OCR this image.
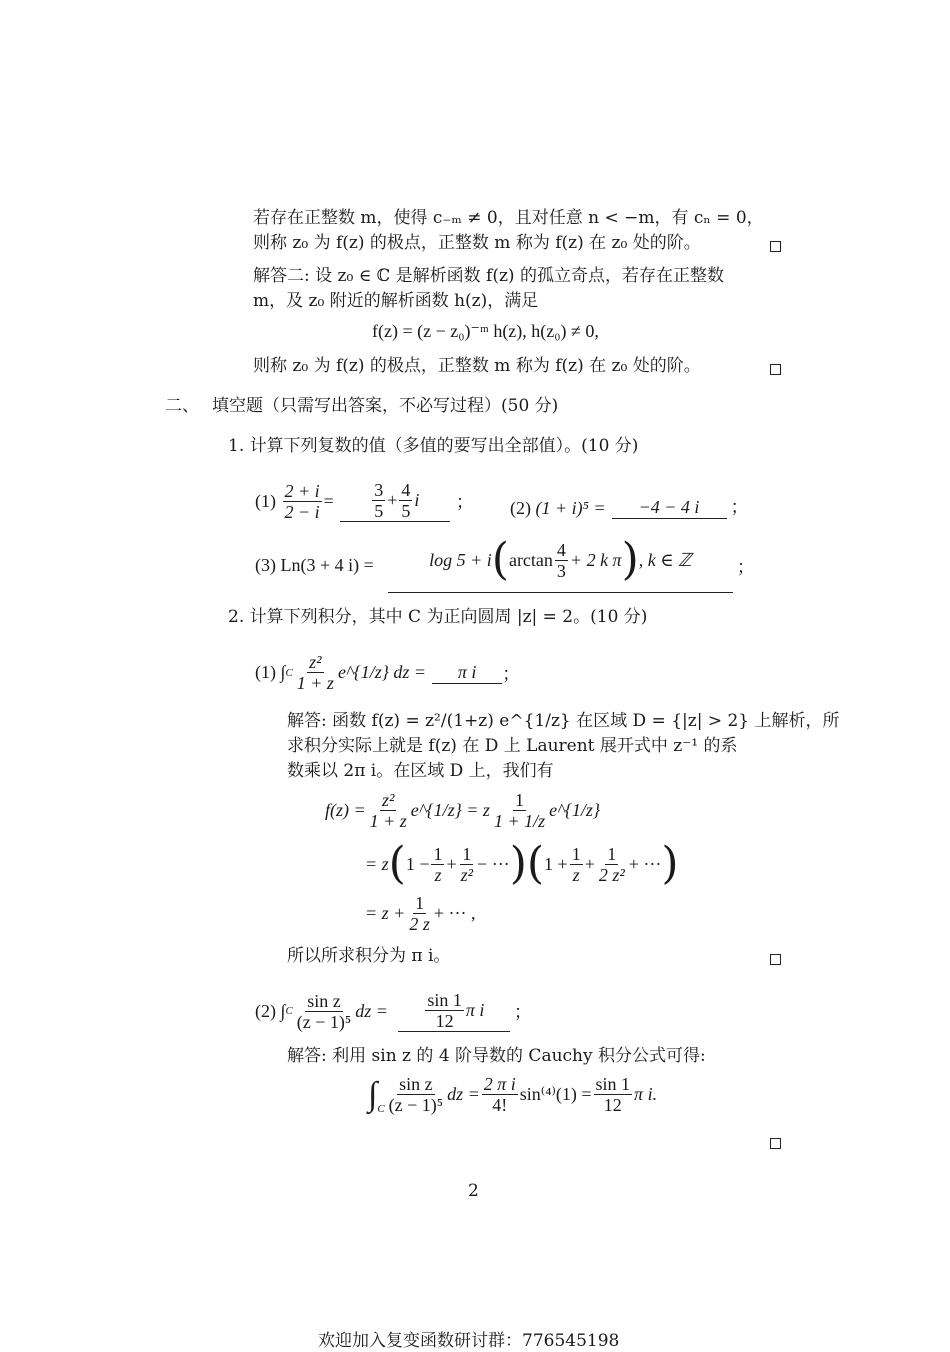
若存在正整数 m，使得 c₋ₘ ≠ 0，且对任意 n < −m，有 cₙ = 0，
则称 z₀ 为 f(z) 的极点，正整数 m 称为 f(z) 在 z₀ 处的阶。
解答二: 设 z₀ ∈ ℂ 是解析函数 f(z) 的孤立奇点，若存在正整数
m，及 z₀ 附近的解析函数 h(z)，满足
f(z) = (z − z₀)⁻ᵐ h(z), h(z₀) ≠ 0,
则称 z₀ 为 f(z) 的极点，正整数 m 称为 f(z) 在 z₀ 处的阶。
二、 填空题（只需写出答案，不必写过程）(50 分)
1. 计算下列复数的值（多值的要写出全部值）。(10 分)
(1)
$\frac{2 + i}{2 - i} = \frac{3}{5} + \frac{4}{5}$ i ； (2)
(1 + i)⁵ =	−4 − 4 i	；
(3)
Ln(3 + 4 i) =	log 5 + i ( $\arctan \frac{4}{3} + 2$ k π ) , k ∈ ℤ	；
2. 计算下列积分，其中 C 为正向圆周 |z| = 2。(10 分)
(1)
∫ C $\frac{\text{z²}}{1 + z}$ e^{1/z} dz =	π i	；
解答: 函数 f(z) = z²/(1+z) e^{1/z} 在区域 D = {|z| > 2} 上解析，所
求积分实际上就是 f(z) 在 D 上 Laurent 展开式中 z⁻¹ 的系
数乘以 2π i。在区域 D 上，我们有
$f(z) = \frac{\text{z²}}{1 + z}$ e^{1/z} = z $\frac{1}{1 + 1/z}$ e^{1/z}
= z ( $1 - \frac{1}{z} + \frac{1}{\text{z²}}$ − ··· ) ( $1 + \frac{1}{z} + \frac{1}{\text{2 z²}}$ + ··· )
= $z + \frac{1}{2 z}$ + ··· ,
所以所求积分为 π i。
(2)
∫ C $\frac{\text{sin z}}{\text{(z − 1)⁵}}$ dz = $\frac{\sin 1}{12}$ π i ；
解答: 利用 sin z 的 4 阶导数的 Cauchy 积分公式可得:
$\int_C \frac{\text{sin z}}{\text{(z − 1)⁵}}$ dz = $\frac{\text{2 π i}}{4!} \sin^{(4)}(1) = \frac{\sin 1}{12}$ π i.
2
欢迎加入复变函数研讨群：776545198
